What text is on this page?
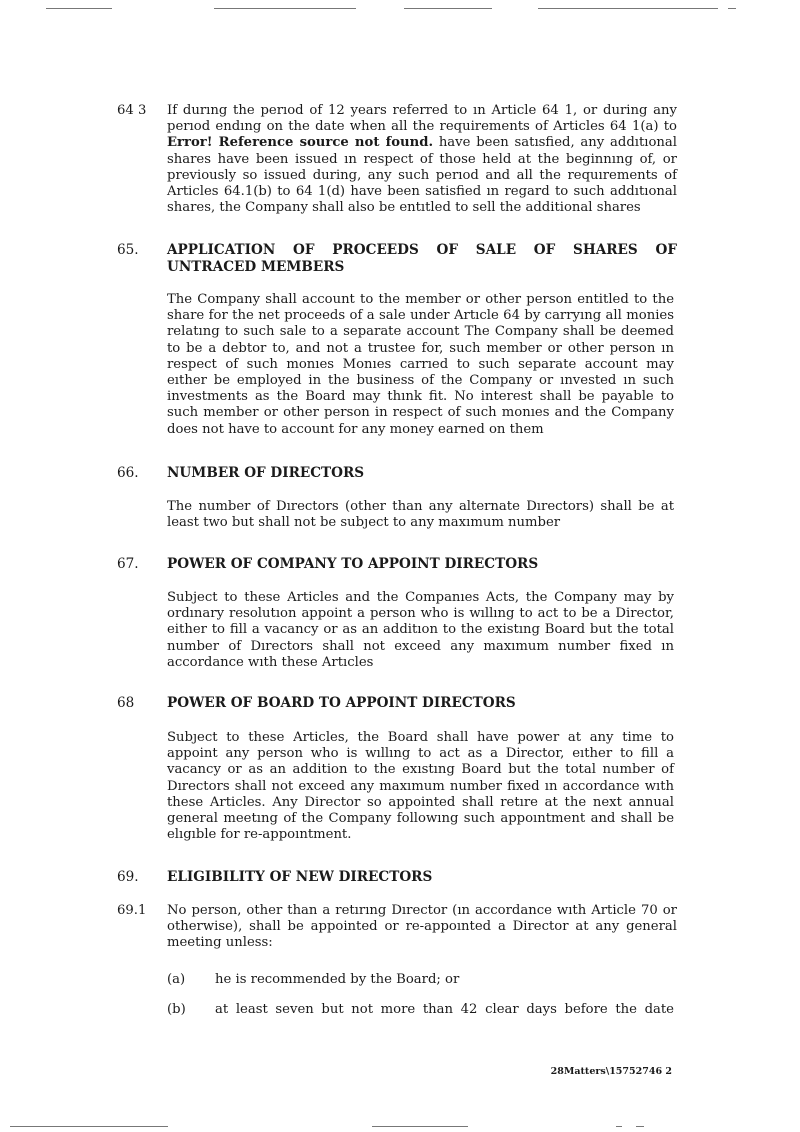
64 3	If durıng the perıod of 12 years referred to ın Article 64 1, or during any perıod endıng on the date when all the requirements of Articles 64 1(a) to Error! Reference source not found. have been satısfied, any addıtıonal shares have been issued ın respect of those held at the beginnıng of, or previously so issued during, any such perıod and all the requırements of Articles 64.1(b) to 64 1(d) have been satisfied ın regard to such addıtıonal shares, the Company shall also be entıtled to sell the additional shares
65. APPLICATION OF PROCEEDS OF SALE OF SHARES OF
UNTRACED MEMBERS
The Company shall account to the member or other person entitled to the share for the net proceeds of a sale under Artıcle 64 by carryıng all monies relatıng to such sale to a separate account The Company shall be deemed to be a debtor to, and not a trustee for, such member or other person ın respect of such monıes Monıes carrıed to such separate account may eıther be employed in the business of the Company or ınvested ın such investments as the Board may thınk fit. No interest shall be payable to such member or other person in respect of such monıes and the Company does not have to account for any money earned on them
66. NUMBER OF DIRECTORS
The number of Dırectors (other than any alternate Dırectors) shall be at least two but shall not be subȷect to any maxımum number
67. POWER OF COMPANY TO APPOINT DIRECTORS
Subject to these Articles and the Companıes Acts, the Company may by ordınary resolutıon appoint a person who is wıllıng to act to be a Director, either to fill a vacancy or as an additıon to the existıng Board but the total number of Dırectors shall not exceed any maxımum number fixed ın accordance wıth these Artıcles
68 POWER OF BOARD TO APPOINT DIRECTORS
Subȷect to these Articles, the Board shall have power at any time to appoint any person who is wıllıng to act as a Director, eıther to fill a vacancy or as an addition to the exıstıng Board but the total number of Dırectors shall not exceed any maxımum number fixed ın accordance wıth these Articles. Any Director so appointed shall retıre at the next annual general meetıng of the Company followıng such appoıntment and shall be elıgıble for re-appoıntment.
69. ELIGIBILITY OF NEW DIRECTORS
69.1	No person, other than a retırıng Dırector (ın accordance wıth Article 70 or otherwise), shall be appointed or re-appoınted a Director at any general meeting unless:
(a) he is recommended by the Board; or
(b) at least seven but not more than 42 clear days before the date
28Matters\15752746 2
